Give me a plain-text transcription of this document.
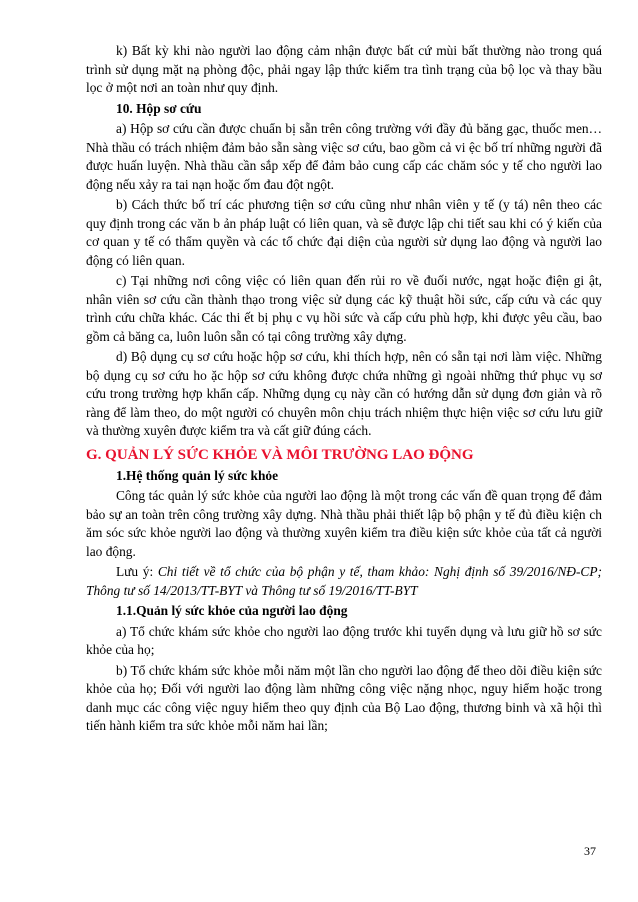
k) Bất kỳ khi nào người lao động cảm nhận được bất cứ mùi bất thường nào trong quá trình sử dụng mặt nạ phòng độc, phải ngay lập thức kiểm tra tình trạng của bộ lọc và thay bầu lọc ở một nơi an toàn như quy định.

10. Hộp sơ cứu

a) Hộp sơ cứu cần được chuẩn bị sẵn trên công trường với đầy đủ băng gạc, thuốc men… Nhà thầu có trách nhiệm đảm bảo sẵn sàng việc sơ cứu, bao gồm cả vi ệc bố trí những người đã được huấn luyện. Nhà thầu cần sắp xếp để đảm bảo cung cấp các chăm sóc y tế cho người lao động nếu xảy ra tai nạn hoặc ốm đau đột ngột.

b) Cách thức bố trí các phương tiện sơ cứu cũng như nhân viên y tế (y tá) nên theo các quy định trong các văn b ản pháp luật có liên quan, và sẽ được lập chi tiết sau khi có ý kiến của cơ quan y tế có thẩm quyền và các tổ chức đại diện của người sử dụng lao động và người lao động có liên quan.

c) Tại những nơi công việc có liên quan đến rủi ro về đuối nước, ngạt hoặc điện gi ật, nhân viên sơ cứu cần thành thạo trong việc sử dụng các kỹ thuật hồi sức, cấp cứu và các quy trình cứu chữa khác. Các thi ết bị phụ c vụ hồi sức và cấp cứu phù hợp, khi được yêu cầu, bao gồm cả băng ca, luôn luôn sẵn có tại công trường xây dựng.

d) Bộ dụng cụ sơ cứu hoặc hộp sơ cứu, khi thích hợp, nên có sẵn tại nơi làm việc. Những bộ dụng cụ sơ cứu ho ặc hộp sơ cứu không được chứa những gì ngoài những thứ phục vụ sơ cứu trong trường hợp khẩn cấp. Những dụng cụ này cần có hướng dẫn sử dụng đơn giản và rõ ràng để làm theo, do một người có chuyên môn chịu trách nhiệm thực hiện việc sơ cứu lưu giữ và thường xuyên được kiểm tra và cất giữ đúng cách.

G. QUẢN LÝ SỨC KHỎE VÀ MÔI TRƯỜNG LAO ĐỘNG

1.Hệ thống quản lý sức khỏe

Công tác quản lý sức khỏe của người lao động là một trong các vấn đề quan trọng để đảm bảo sự an toàn trên công trường xây dựng. Nhà thầu phải thiết lập bộ phận y tế đủ điều kiện ch ăm sóc sức khỏe người lao động và thường xuyên kiểm tra điều kiện sức khỏe của tất cả người lao động.

Lưu ý: Chi tiết về tổ chức của bộ phận y tế, tham khảo: Nghị định số 39/2016/NĐ-CP; Thông tư số 14/2013/TT-BYT và Thông tư số 19/2016/TT-BYT

1.1.Quản lý sức khỏe của người lao động

a) Tổ chức khám sức khỏe cho người lao động trước khi tuyển dụng và lưu giữ hồ sơ sức khỏe của họ;

b) Tổ chức khám sức khỏe mỗi năm một lần cho người lao động để theo dõi điều kiện sức khỏe của họ; Đối với người lao động làm những công việc nặng nhọc, nguy hiểm hoặc trong danh mục các công việc nguy hiểm theo quy định của Bộ Lao động, thương binh và xã hội thì tiến hành kiểm tra sức khỏe mỗi năm hai lần;

37
